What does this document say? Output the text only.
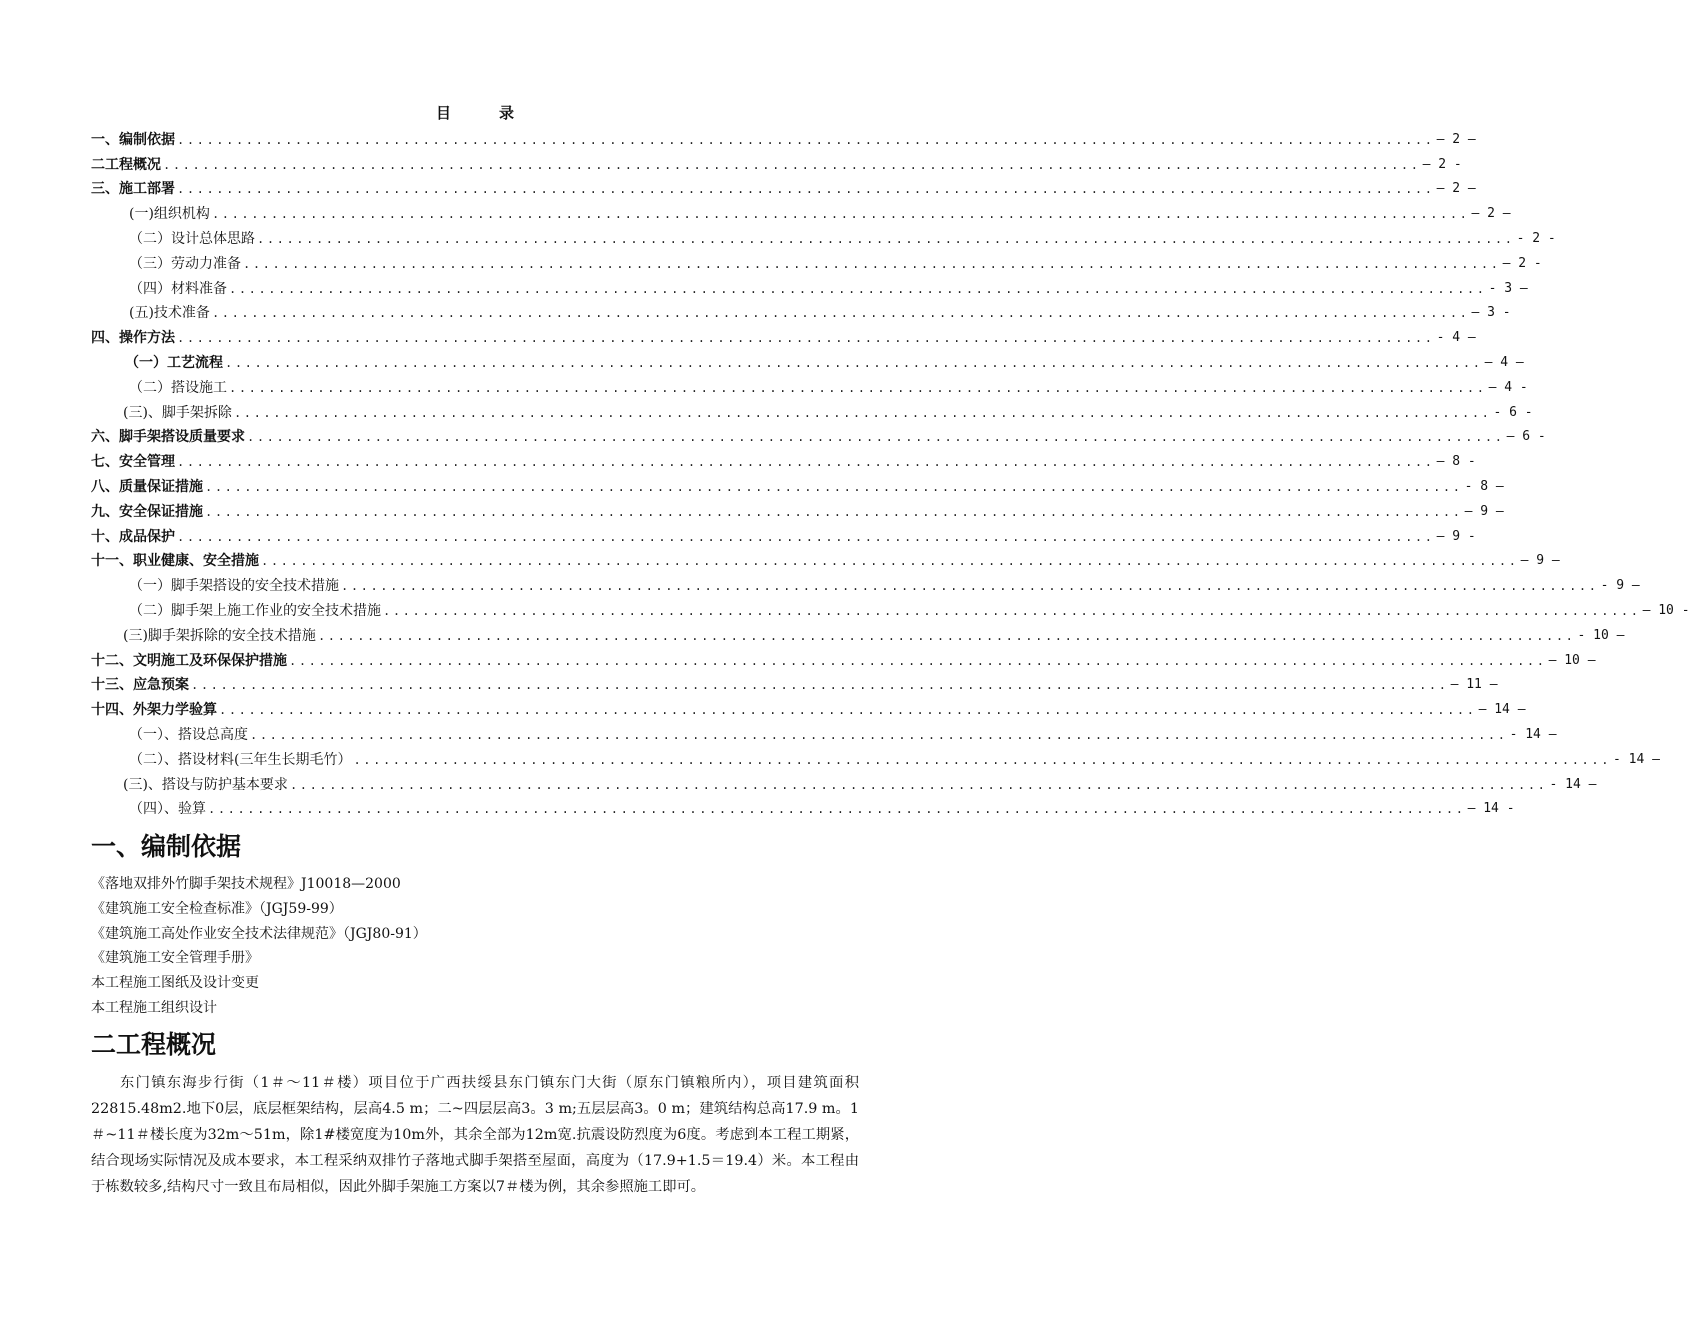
目	录
一、编制依据 ................................................................................................................................ — 2 —
二工程概况 ................................................................................................................................ — 2 -
三、施工部署 ................................................................................................................................ — 2 —
(一)组织机构 ................................................................................................................................ — 2 —
（二）设计总体思路 ................................................................................................................................ - 2 -
（三）劳动力准备 ................................................................................................................................ — 2 -
（四）材料准备 ................................................................................................................................ - 3 —
(五)技术准备 ................................................................................................................................ — 3 -
四、操作方法 ................................................................................................................................ - 4 —
（一）工艺流程 ................................................................................................................................ — 4 —
（二）搭设施工 ................................................................................................................................ — 4 -
(三)、脚手架拆除 ................................................................................................................................ - 6 -
六、脚手架搭设质量要求 ................................................................................................................................ — 6 -
七、安全管理 ................................................................................................................................ — 8 -
八、质量保证措施 ................................................................................................................................ - 8 —
九、安全保证措施 ................................................................................................................................ — 9 —
十、成品保护 ................................................................................................................................ — 9 -
十一、职业健康、安全措施 ................................................................................................................................ — 9 —
（一）脚手架搭设的安全技术措施 ................................................................................................................................ - 9 —
（二）脚手架上施工作业的安全技术措施 ................................................................................................................................ — 10 -
(三)脚手架拆除的安全技术措施 ................................................................................................................................ - 10 —
十二、文明施工及环保保护措施 ................................................................................................................................ — 10 —
十三、应急预案 ................................................................................................................................ — 11 —
十四、外架力学验算 ................................................................................................................................ — 14 —
（一）、搭设总高度 ................................................................................................................................ - 14 —
（二）、搭设材料(三年生长期毛竹） ................................................................................................................................ - 14 —
(三)、搭设与防护基本要求 ................................................................................................................................ - 14 —
（四）、验算 ................................................................................................................................ — 14 -
一、编制依据
《落地双排外竹脚手架技术规程》J10018—2000
《建筑施工安全检查标准》（JGJ59-99）
《建筑施工高处作业安全技术法律规范》（JGJ80-91）
《建筑施工安全管理手册》
本工程施工图纸及设计变更
本工程施工组织设计
二工程概况

东门镇东海步行街（1＃～11＃楼）项目位于广西扶绥县东门镇东门大街（原东门镇粮所内），项目建筑面积22815.48m2.地下0层，底层框架结构，层高4.5 m；二~四层层高3。3 m;五层层高3。0 m；建筑结构总高17.9 m。1＃~11＃楼长度为32m～51m，除1#楼宽度为10m外，其余全部为12m宽.抗震设防烈度为6度。考虑到本工程工期紧，结合现场实际情况及成本要求，本工程采纳双排竹子落地式脚手架搭至屋面，高度为（17.9+1.5＝19.4）米。本工程由于栋数较多,结构尺寸一致且布局相似，因此外脚手架施工方案以7＃楼为例，其余参照施工即可。
